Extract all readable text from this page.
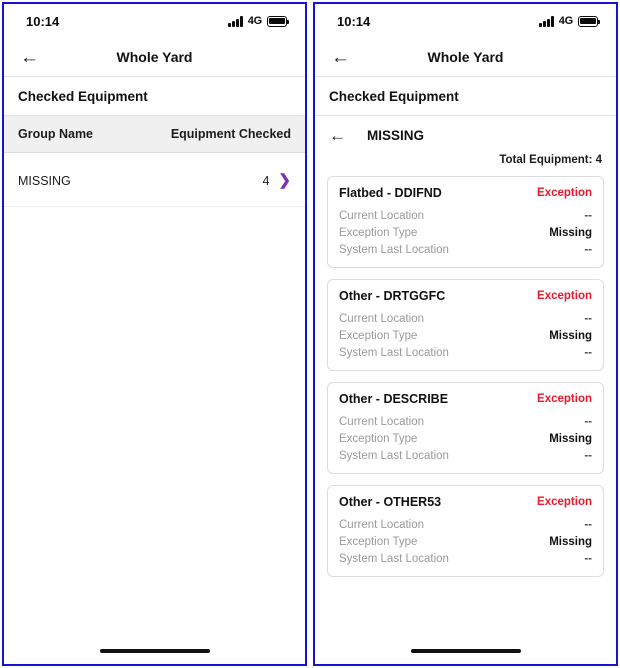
10:14	4G
←	Whole Yard
Checked Equipment
Group Name	Equipment Checked
MISSING	4 ❯
10:14	4G
←	Whole Yard
Checked Equipment
←	MISSING
Total Equipment: 4
Flatbed - DDIFND	Exception
Current Location	--
Exception Type	Missing
System Last Location	--
Other - DRTGGFC	Exception
Current Location	--
Exception Type	Missing
System Last Location	--
Other - DESCRIBE	Exception
Current Location	--
Exception Type	Missing
System Last Location	--
Other - OTHER53	Exception
Current Location	--
Exception Type	Missing
System Last Location	--
